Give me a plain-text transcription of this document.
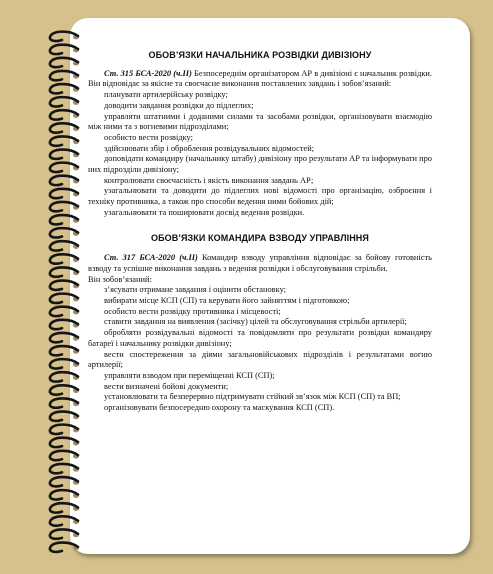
ОБОВ’ЯЗКИ НАЧАЛЬНИКА РОЗВІДКИ ДИВІЗІОНУ

Ст. 315 БСА-2020 (ч.ІІ) Безпосереднім організатором АР в дивізіоні є начальник розвідки. Він відповідає за якісне та своєчасне виконання поставлених завдань і зобов’язаний:

планувати артилерійську розвідку;

доводити завдання розвідки до підлеглих;

управляти штатними і доданими силами та засобами розвідки, організовувати взаємодію між ними та з вогневими підрозділами;

особисто вести розвідку;

здійснювати збір і оброблення розвідувальних відомостей;

доповідати командиру (начальнику штабу) дивізіону про результати АР та інформувати про них підрозділи дивізіону;

контролювати своєчасність і якість виконання завдань АР;

узагальнювати та доводити до підлеглих нові відомості про організацію, озброєння і техніку противника, а також про способи ведення ними бойових дій;

узагальнювати та поширювати досвід ведення розвідки.

ОБОВ’ЯЗКИ КОМАНДИРА ВЗВОДУ УПРАВЛІННЯ

Ст. 317 БСА-2020 (ч.ІІ) Командир взводу управління відповідає за бойову готовність взводу та успішне виконання завдань з ведення розвідки і обслуговування стрільби.

Він зобов’язаний:

з’ясувати отримане завдання і оцінити обстановку;

вибирати місце КСП (СП) та керувати його зайняттям і підготовкою;

особисто вести розвідку противника і місцевості;

ставити завдання на виявлення (засічку) цілей та обслуговування стрільби артилерії;

обробляти розвідувальні відомості та повідомляти про результати розвідки командиру батареї і начальнику розвідки дивізіону;

вести спостереження за діями загальновійськових підрозділів і результатами вогню артилерії;

управляти взводом при переміщенні КСП (СП);

вести визначені бойові документи;

установлювати та безперервно підтримувати стійкий зв’язок між КСП (СП) та ВП;

організовувати безпосередню охорону та маскування КСП (СП).
